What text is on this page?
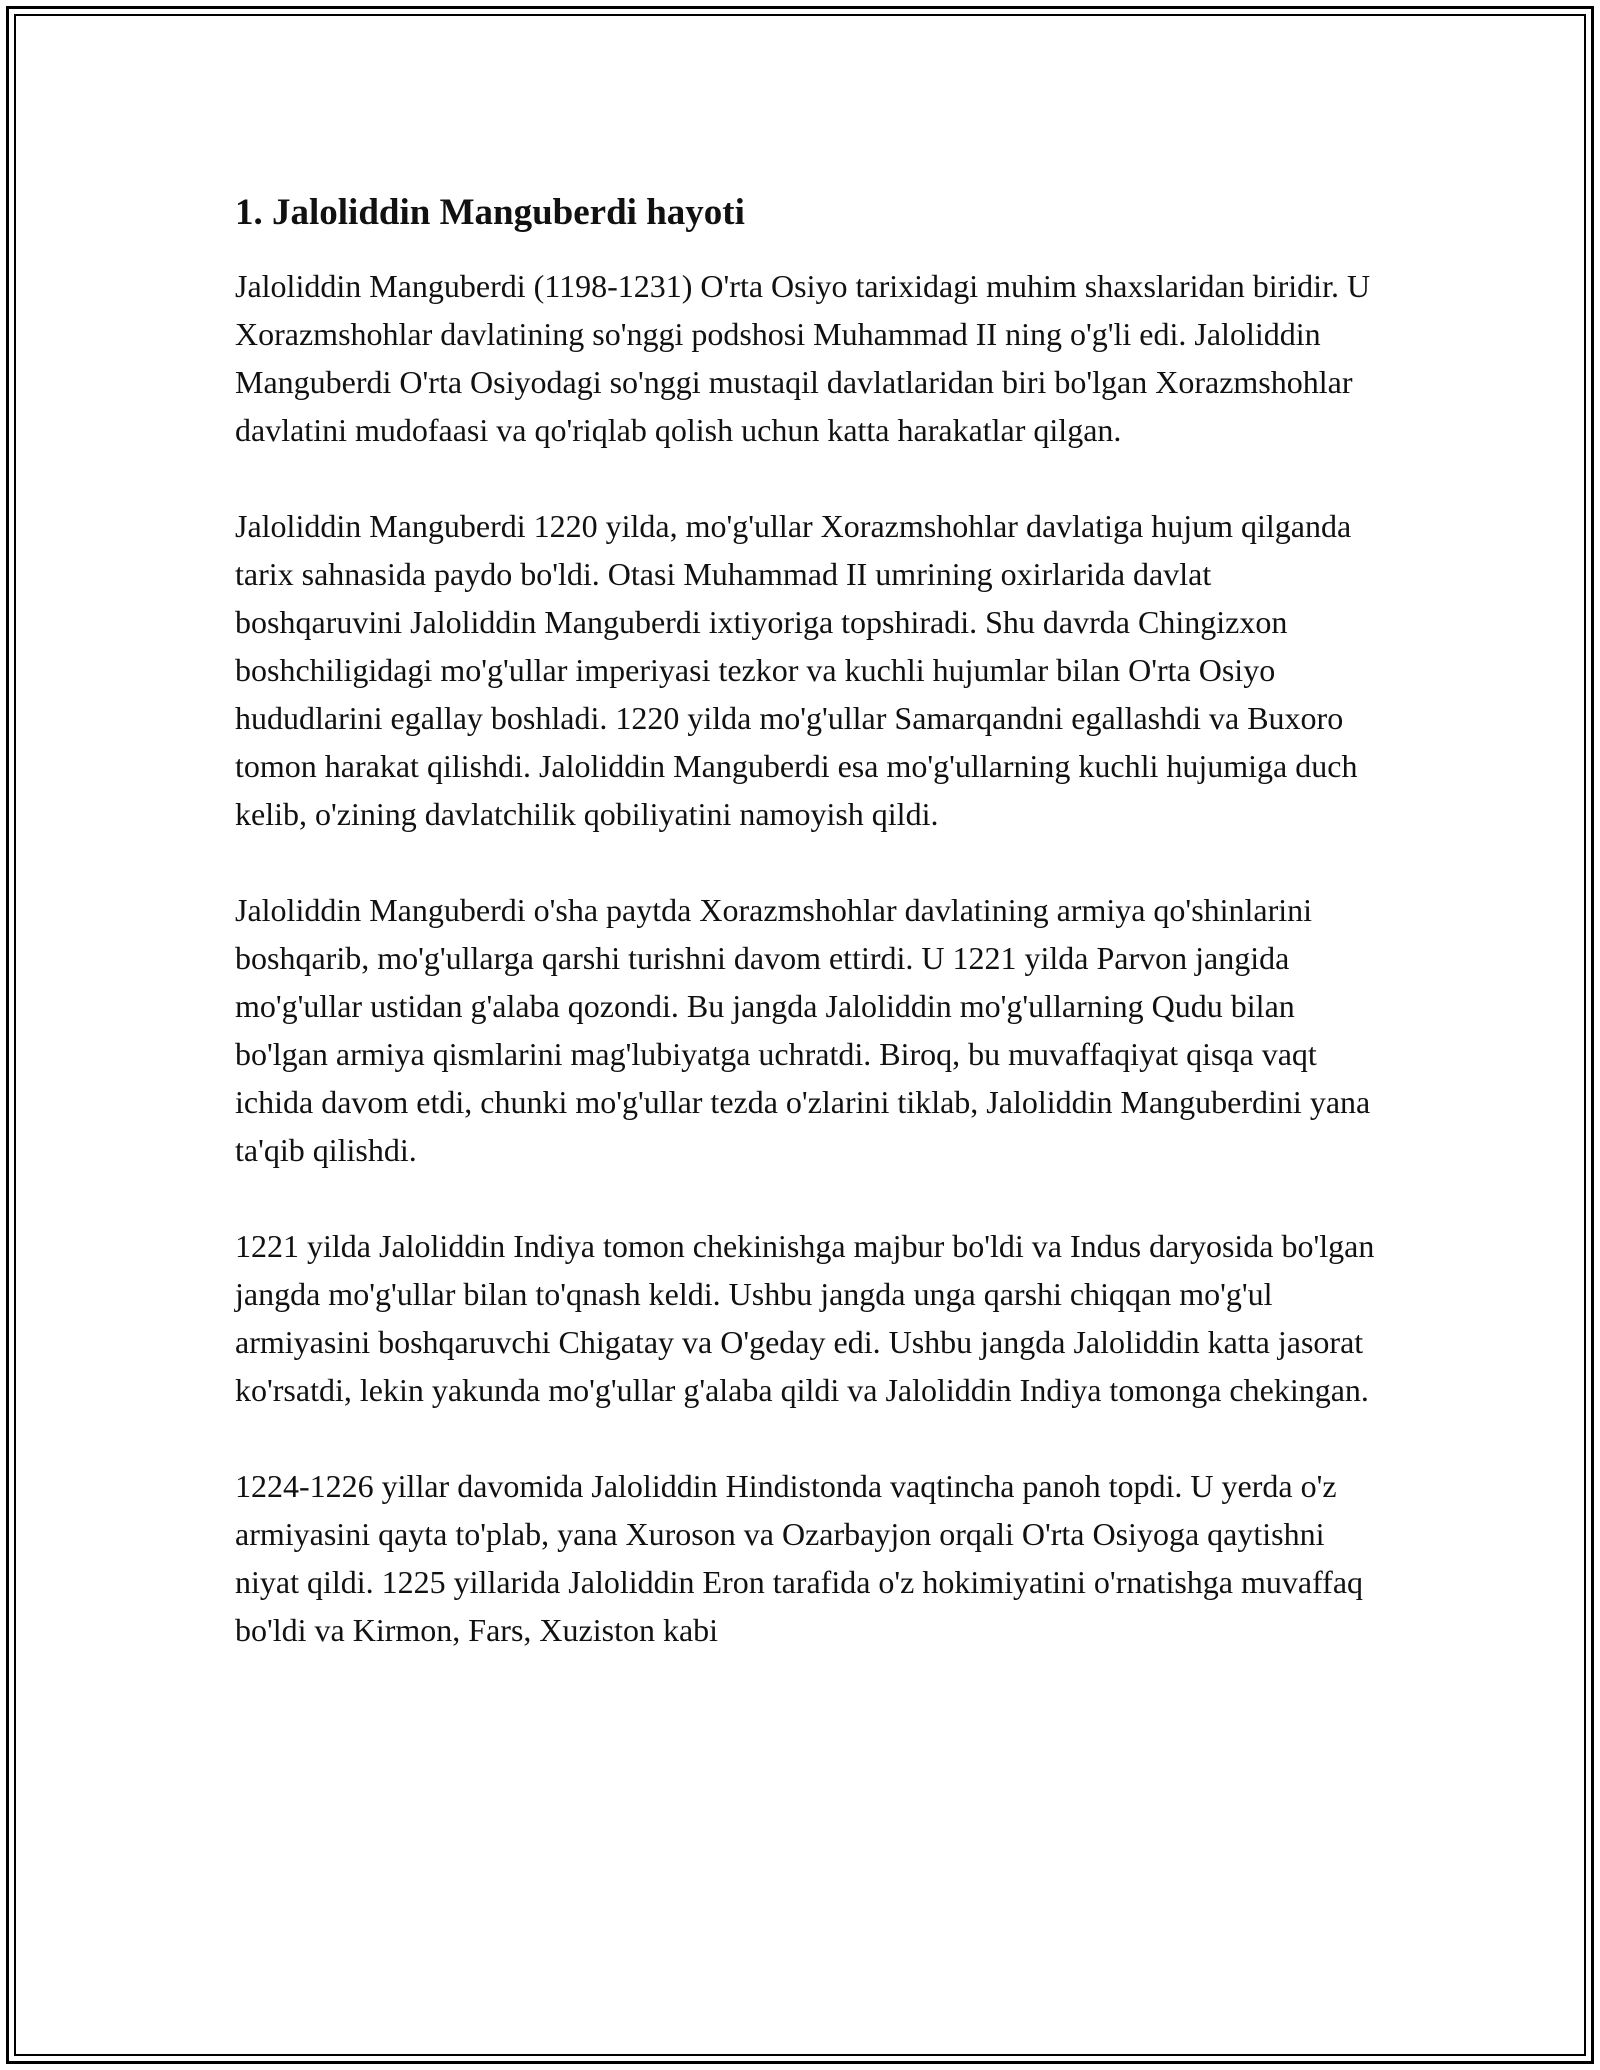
1. Jaloliddin Manguberdi hayoti

Jaloliddin Manguberdi (1198-1231) O'rta Osiyo tarixidagi muhim shaxslaridan biridir. U Xorazmshohlar davlatining so'nggi podshosi Muhammad II ning o'g'li edi. Jaloliddin Manguberdi O'rta Osiyodagi so'nggi mustaqil davlatlaridan biri bo'lgan Xorazmshohlar davlatini mudofaasi va qo'riqlab qolish uchun katta harakatlar qilgan.

Jaloliddin Manguberdi 1220 yilda, mo'g'ullar Xorazmshohlar davlatiga hujum qilganda tarix sahnasida paydo bo'ldi. Otasi Muhammad II umrining oxirlarida davlat boshqaruvini Jaloliddin Manguberdi ixtiyoriga topshiradi. Shu davrda Chingizxon boshchiligidagi mo'g'ullar imperiyasi tezkor va kuchli hujumlar bilan O'rta Osiyo hududlarini egallay boshladi. 1220 yilda mo'g'ullar Samarqandni egallashdi va Buxoro tomon harakat qilishdi. Jaloliddin Manguberdi esa mo'g'ullarning kuchli hujumiga duch kelib, o'zining davlatchilik qobiliyatini namoyish qildi.

Jaloliddin Manguberdi o'sha paytda Xorazmshohlar davlatining armiya qo'shinlarini boshqarib, mo'g'ullarga qarshi turishni davom ettirdi. U 1221 yilda Parvon jangida mo'g'ullar ustidan g'alaba qozondi. Bu jangda Jaloliddin mo'g'ullarning Qudu bilan bo'lgan armiya qismlarini mag'lubiyatga uchratdi. Biroq, bu muvaffaqiyat qisqa vaqt ichida davom etdi, chunki mo'g'ullar tezda o'zlarini tiklab, Jaloliddin Manguberdini yana ta'qib qilishdi.

1221 yilda Jaloliddin Indiya tomon chekinishga majbur bo'ldi va Indus daryosida bo'lgan jangda mo'g'ullar bilan to'qnash keldi. Ushbu jangda unga qarshi chiqqan mo'g'ul armiyasini boshqaruvchi Chigatay va O'geday edi. Ushbu jangda Jaloliddin katta jasorat ko'rsatdi, lekin yakunda mo'g'ullar g'alaba qildi va Jaloliddin Indiya tomonga chekingan.

1224-1226 yillar davomida Jaloliddin Hindistonda vaqtincha panoh topdi. U yerda o'z armiyasini qayta to'plab, yana Xuroson va Ozarbayjon orqali O'rta Osiyoga qaytishni niyat qildi. 1225 yillarida Jaloliddin Eron tarafida o'z hokimiyatini o'rnatishga muvaffaq bo'ldi va Kirmon, Fars, Xuziston kabi
